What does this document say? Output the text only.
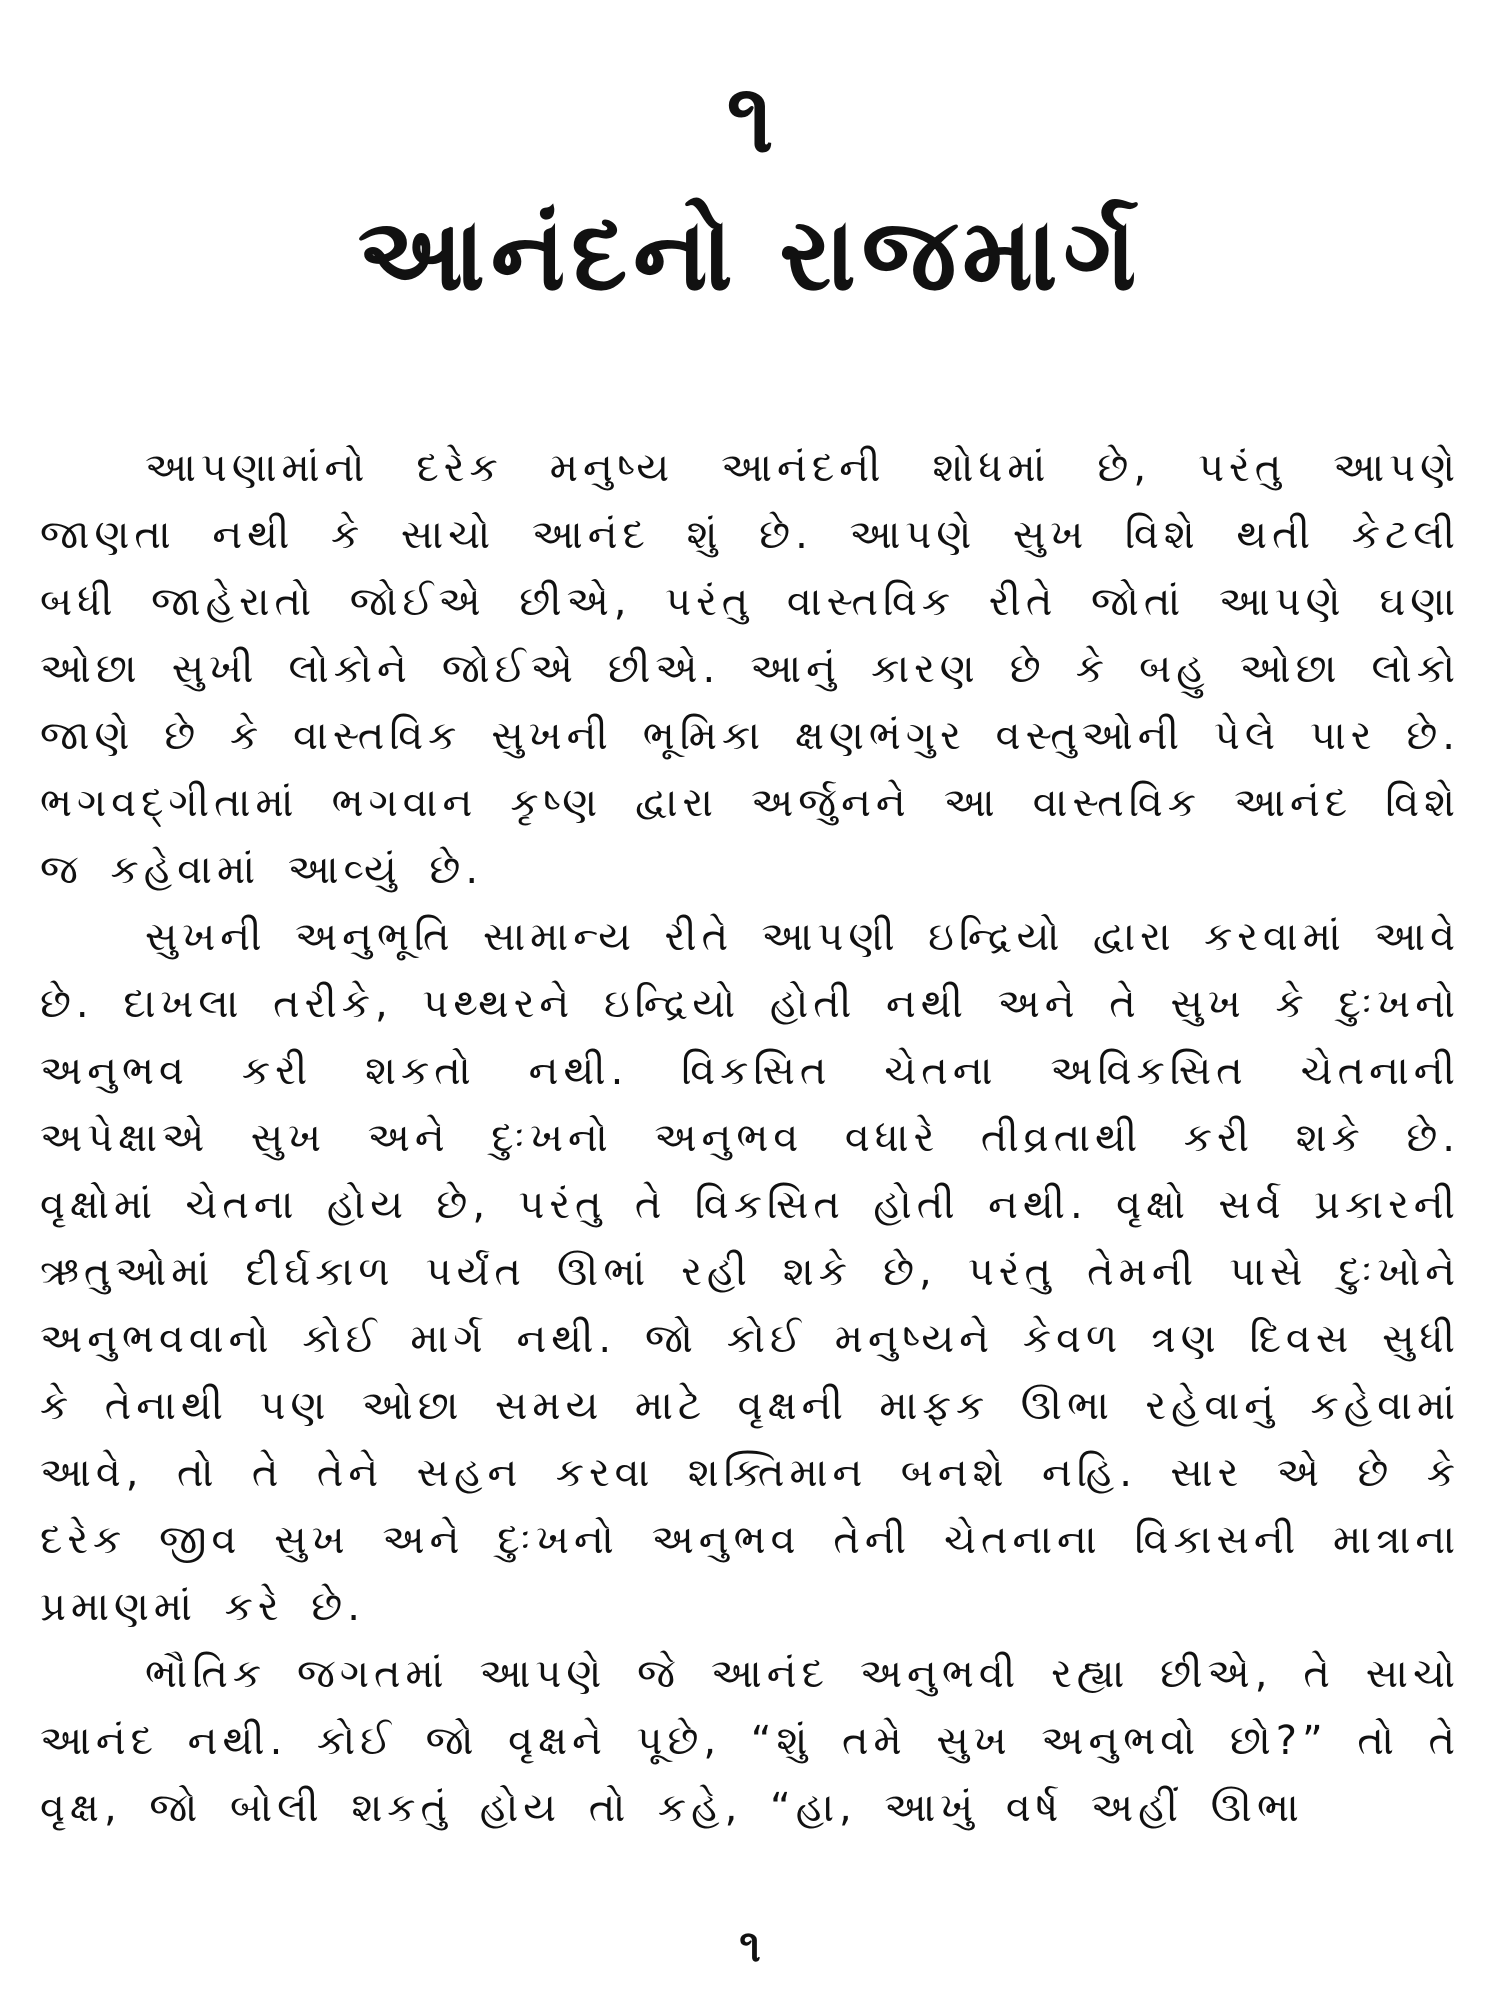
૧
આનંદનો રાજમાર્ગ

આપણામાંનો દરેક મનુષ્ય આનંદની શોધમાં છે, પરંતુ આપણે જાણતા નથી કે સાચો આનંદ શું છે. આપણે સુખ વિશે થતી કેટલી બધી જાહેરાતો જોઈએ છીએ, પરંતુ વાસ્તવિક રીતે જોતાં આપણે ઘણા ઓછા સુખી લોકોને જોઈએ છીએ. આનું કારણ છે કે બહુ ઓછા લોકો જાણે છે કે વાસ્તવિક સુખની ભૂમિકા ક્ષણભંગુર વસ્તુઓની પેલે પાર છે. ભગવદ્ગીતામાં ભગવાન કૃષ્ણ દ્વારા અર્જુનને આ વાસ્તવિક આનંદ વિશે જ કહેવામાં આવ્યું છે.

સુખની અનુભૂતિ સામાન્ય રીતે આપણી ઇન્દ્રિયો દ્વારા કરવામાં આવે છે. દાખલા તરીકે, પથ્થરને ઇન્દ્રિયો હોતી નથી અને તે સુખ કે દુઃખનો અનુભવ કરી શકતો નથી. વિકસિત ચેતના અવિકસિત ચેતનાની અપેક્ષાએ સુખ અને દુઃખનો અનુભવ વધારે તીવ્રતાથી કરી શકે છે. વૃક્ષોમાં ચેતના હોય છે, પરંતુ તે વિકસિત હોતી નથી. વૃક્ષો સર્વ પ્રકારની ઋતુઓમાં દીર્ઘકાળ પર્યંત ઊભાં રહી શકે છે, પરંતુ તેમની પાસે દુઃખોને અનુભવવાનો કોઈ માર્ગ નથી. જો કોઈ મનુષ્યને કેવળ ત્રણ દિવસ સુધી કે તેનાથી પણ ઓછા સમય માટે વૃક્ષની માફક ઊભા રહેવાનું કહેવામાં આવે, તો તે તેને સહન કરવા શક્તિમાન બનશે નહિ. સાર એ છે કે દરેક જીવ સુખ અને દુઃખનો અનુભવ તેની ચેતનાના વિકાસની માત્રાના પ્રમાણમાં કરે છે.

ભૌતિક જગતમાં આપણે જે આનંદ અનુભવી રહ્યા છીએ, તે સાચો આનંદ નથી. કોઈ જો વૃક્ષને પૂછે, “શું તમે સુખ અનુભવો છો?” તો તે વૃક્ષ, જો બોલી શકતું હોય તો કહે, “હા, આખું વર્ષ અહીં ઊભા

૧
